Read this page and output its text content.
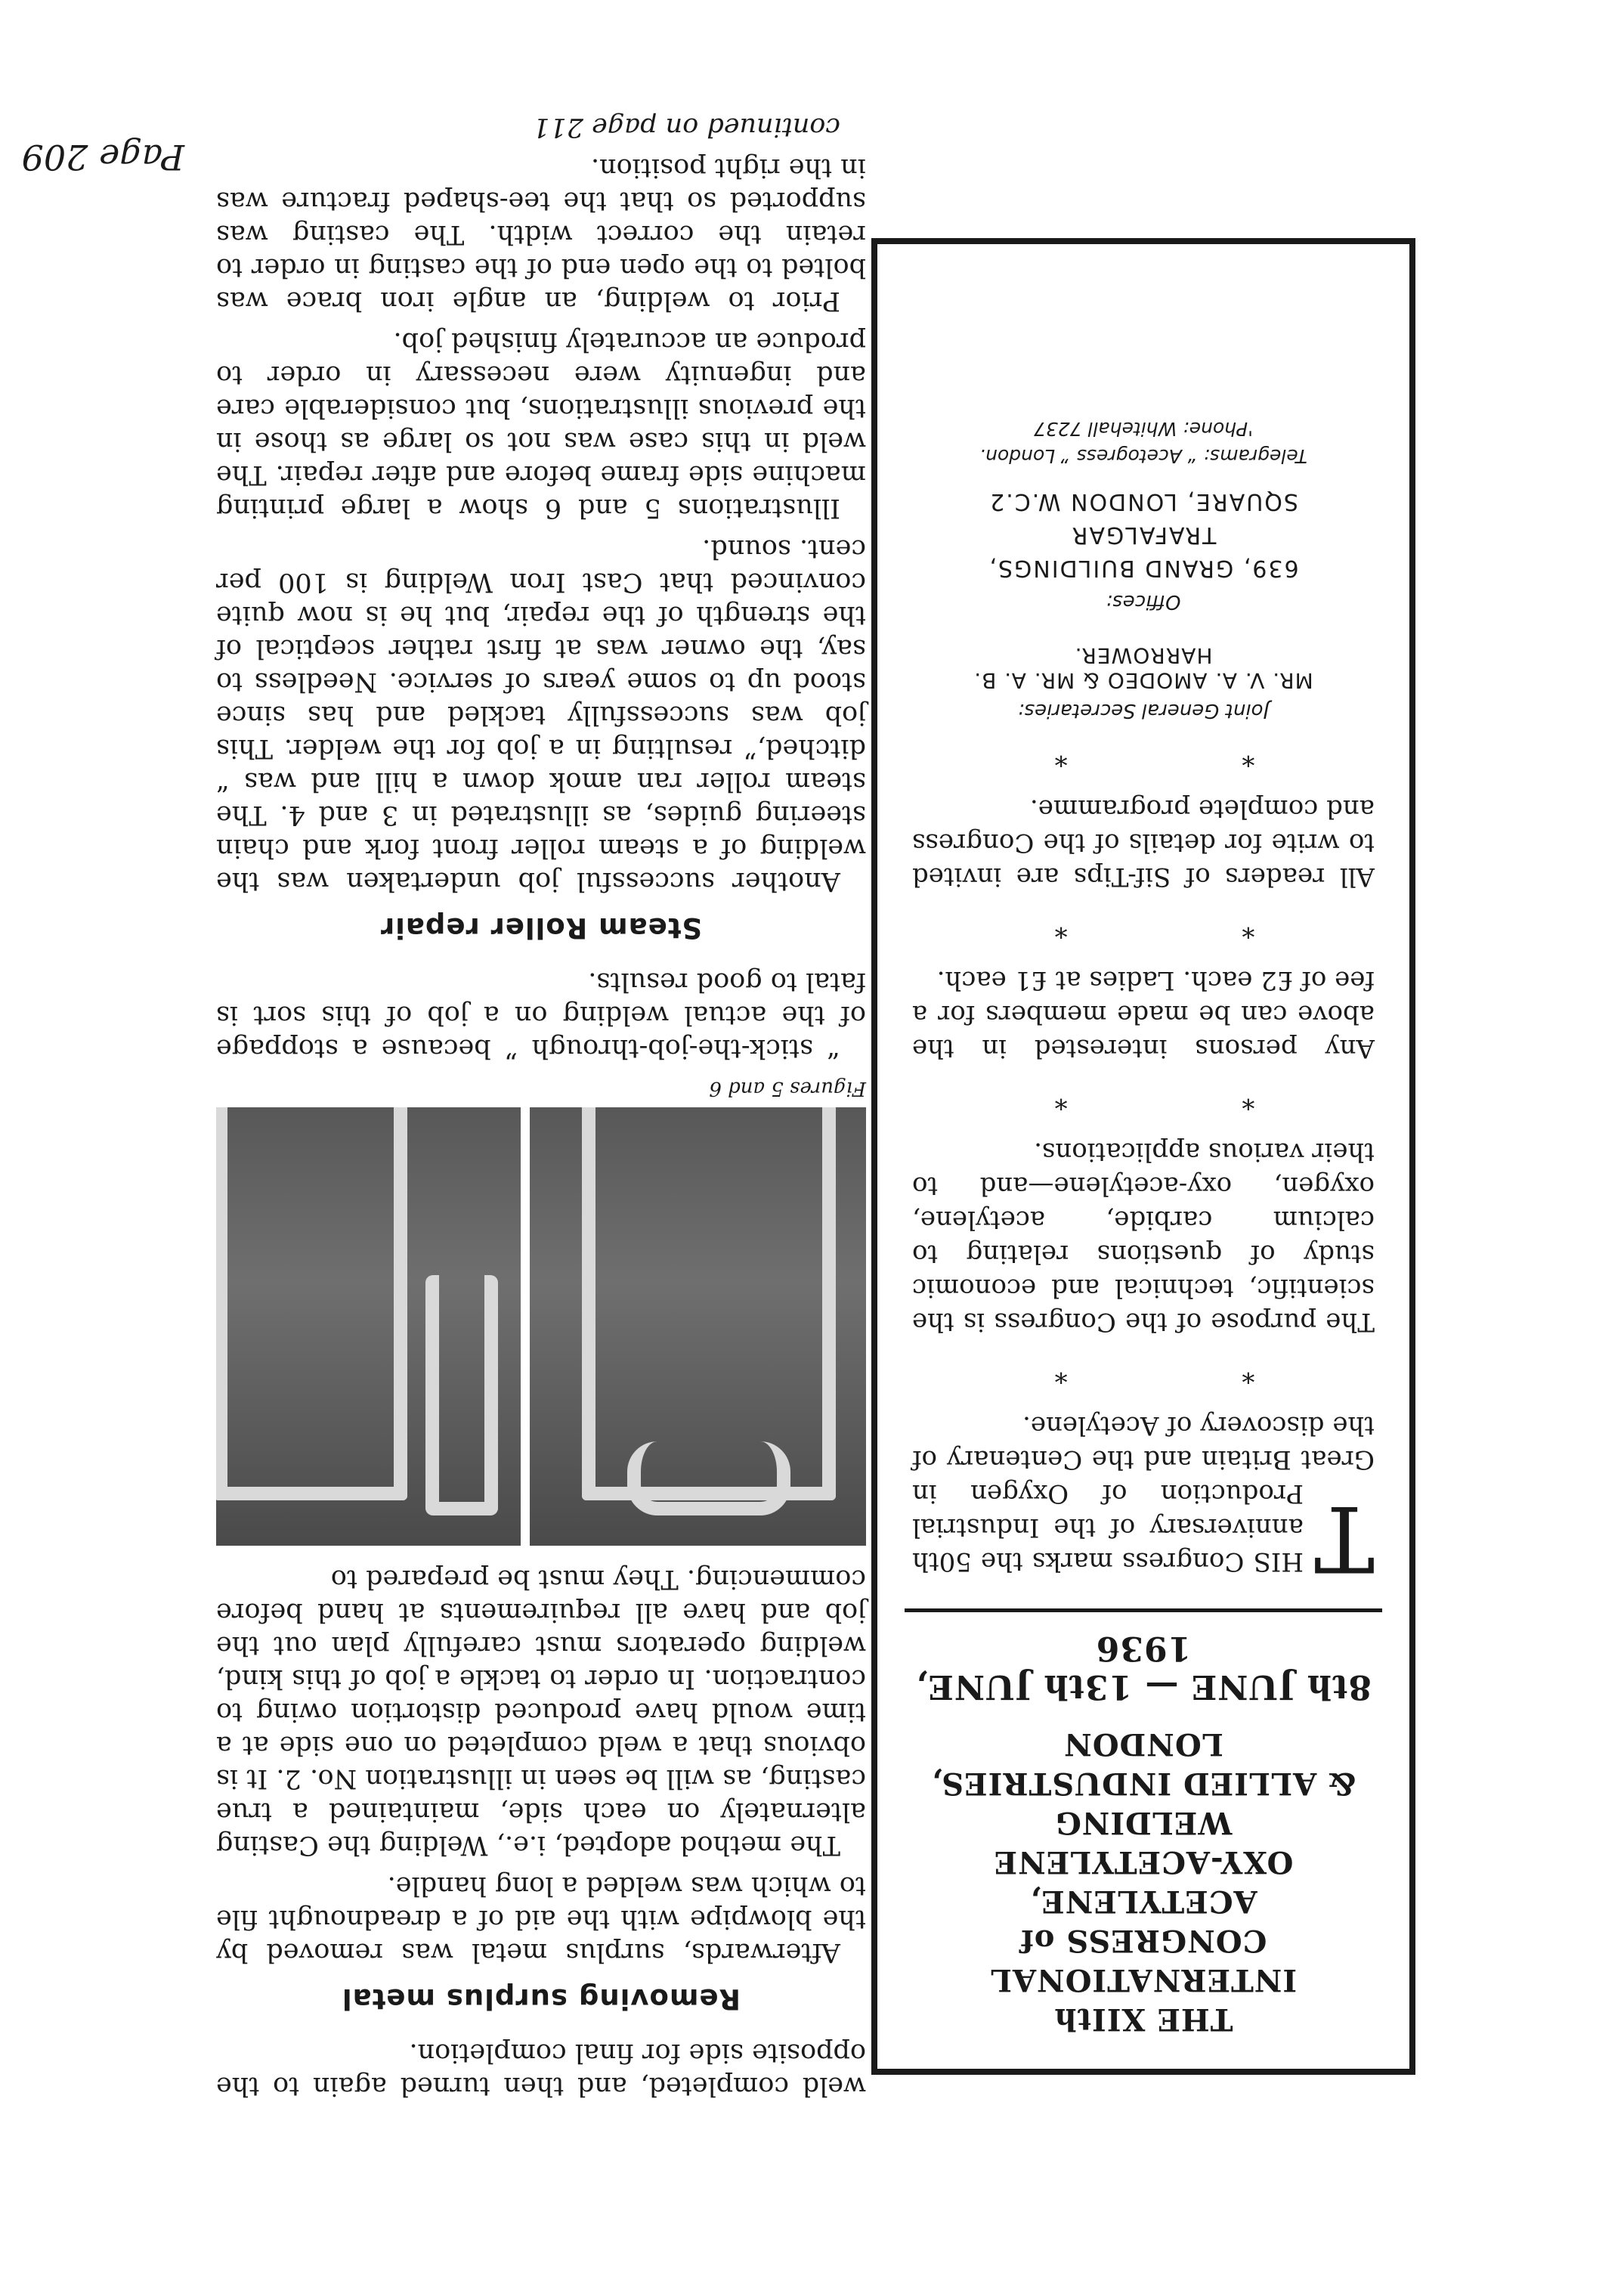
weld completed, and then turned again to the opposite side for final completion.

Removing surplus metal

Afterwards, surplus metal was removed by the blowpipe with the aid of a dreadnought file to which was welded a long handle.

The method adopted, i.e., Welding the Casting alternately on each side, maintained a true casting, as will be seen in illustration No. 2. It is obvious that a weld completed on one side at a time would have produced distortion owing to contraction. In order to tackle a job of this kind, welding operators must carefully plan out the job and have all requirements at hand before commencing. They must be prepared to

Figures 5 and 6

“ stick-the-job-through ” because a stoppage of the actual welding on a job of this sort is fatal to good results.

Steam Roller repair

Another successful job undertaken was the welding of a steam roller front fork and chain steering guides, as illustrated in 3 and 4. The steam roller ran amok down a hill and was “ ditched,” resulting in a job for the welder. This job was successfully tackled and has since stood up to some years of service. Needless to say, the owner was at first rather sceptical of the strength of the repair, but he is now quite convinced that Cast Iron Welding is 100 per cent. sound.

Illustrations 5 and 6 show a large printing machine side frame before and after repair. The weld in this case was not so large as those in the previous illustrations, but considerable care and ingenuity were necessary in order to produce an accurately finished job.

Prior to welding, an angle iron brace was bolted to the open end of the casting in order to retain the correct width. The casting was supported so that the tee-shaped fracture was in the right position.

continued on page 211

THE XIIth INTERNATIONAL
CONGRESS of ACETYLENE,
OXY-ACETYLENE WELDING
& ALLIED INDUSTRIES,
LONDON
8th JUNE — 13th JUNE, 1936

T
HIS Congress marks the 50th anniversary of the Industrial Production of Oxygen in Great Britain and the Centenary of the discovery of Acetylene.

* *

The purpose of the Congress is the scientific, technical and economic study of questions relating to calcium carbide, acetylene, oxygen, oxy-acetylene—and to their various applications.

* *

Any persons interested in the above can be made members for a fee of £2 each. Ladies at £1 each.

* *

All readers of Sif-Tips are invited to write for details of the Congress and complete programme.

* *
Joint General Secretaries:
MR. V. A. AMODEO & MR. A. B. HARROWER.
Offices:
639, GRAND BUILDINGS, TRAFALGAR
SQUARE, LONDON W.C.2
Telegrams: “ Acetogress ” London.
'Phone: Whitehall 7237
Page 209
